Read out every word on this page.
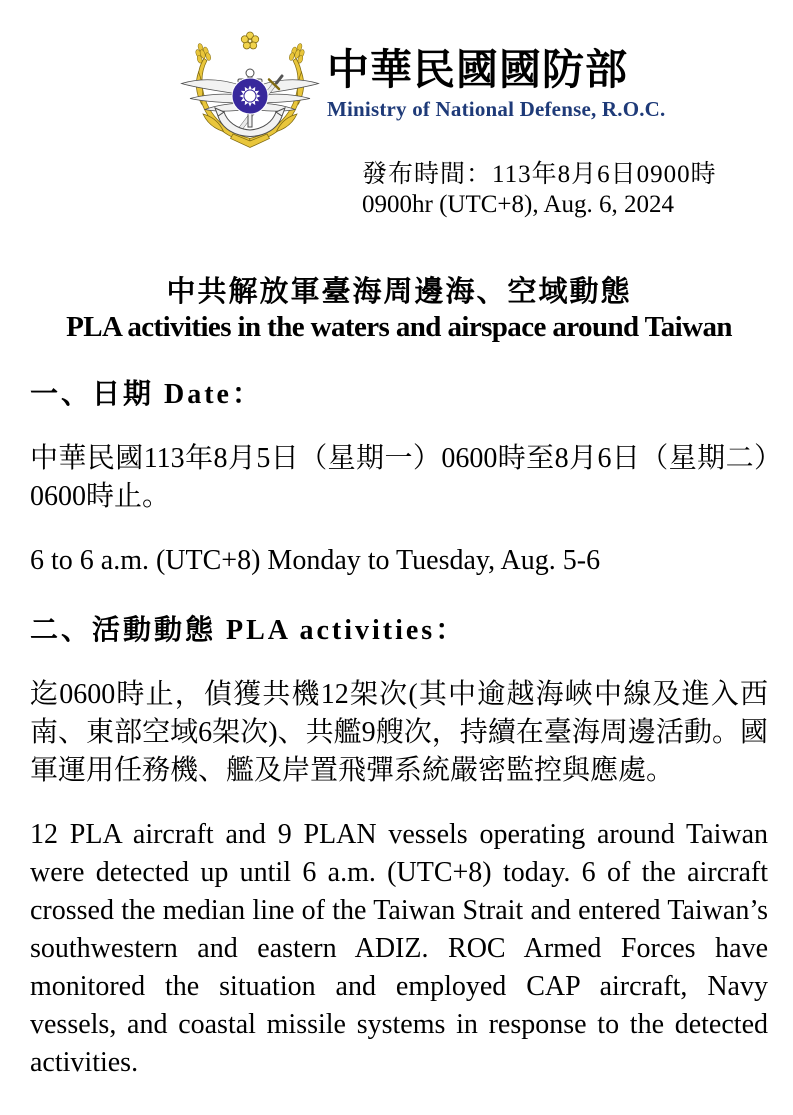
中華民國國防部
Ministry of National Defense, R.O.C.
發布時間：113年8月6日0900時
0900hr (UTC+8), Aug. 6, 2024
中共解放軍臺海周邊海、空域動態
PLA activities in the waters and airspace around Taiwan
一、日期 Date：

中華民國113年8月5日（星期一）0600時至8月6日（星期二）0600時止。

6 to 6 a.m. (UTC+8) Monday to Tuesday, Aug. 5-6

二、活動動態 PLA activities：

迄0600時止，偵獲共機12架次(其中逾越海峽中線及進入西南、東部空域6架次)、共艦9艘次，持續在臺海周邊活動。國軍運用任務機、艦及岸置飛彈系統嚴密監控與應處。

12 PLA aircraft and 9 PLAN vessels operating around Taiwan were detected up until 6 a.m. (UTC+8) today. 6 of the aircraft crossed the median line of the Taiwan Strait and entered Taiwan’s southwestern and eastern ADIZ. ROC Armed Forces have monitored the situation and employed CAP aircraft, Navy vessels, and coastal missile systems in response to the detected activities.
